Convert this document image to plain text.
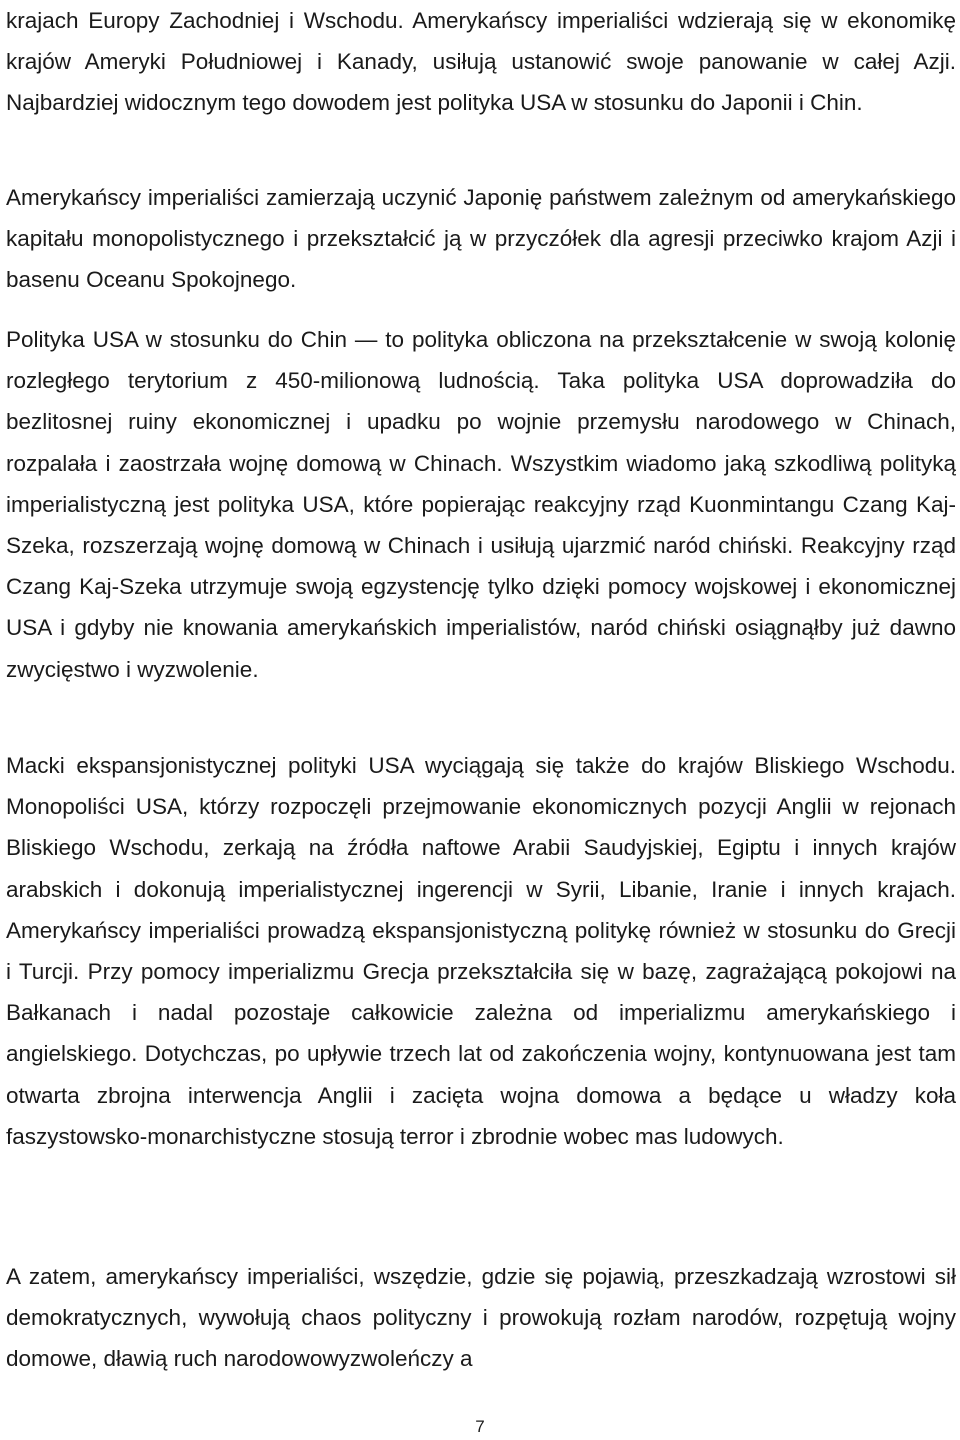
krajach Europy Zachodniej i Wschodu. Amerykańscy imperialiści wdzierają się w ekonomikę krajów Ameryki Południowej i Kanady, usiłują ustanowić swoje panowanie w całej Azji. Najbardziej widocznym tego dowodem jest polityka USA w stosunku do Japonii i Chin.

Amerykańscy imperialiści zamierzają uczynić Japonię państwem zależnym od amerykańskiego kapitału monopolistycznego i przekształcić ją w przyczółek dla agresji przeciwko krajom Azji i basenu Oceanu Spokojnego.

Polityka USA w stosunku do Chin — to polityka obliczona na przekształcenie w swoją kolonię rozległego terytorium z 450-milionową ludnością. Taka polityka USA doprowadziła do bezlitosnej ruiny ekonomicznej i upadku po wojnie przemysłu narodowego w Chinach, rozpalała i zaostrzała wojnę domową w Chinach. Wszystkim wiadomo jaką szkodliwą polityką imperialistyczną jest polityka USA, które popierając reakcyjny rząd Kuonmintangu Czang Kaj-Szeka, rozszerzają wojnę domową w Chinach i usiłują ujarzmić naród chiński. Reakcyjny rząd Czang Kaj-Szeka utrzymuje swoją egzystencję tylko dzięki pomocy wojskowej i ekonomicznej USA i gdyby nie knowania amerykańskich imperialistów, naród chiński osiągnąłby już dawno zwycięstwo i wyzwolenie.

Macki ekspansjonistycznej polityki USA wyciągają się także do krajów Bliskiego Wschodu. Monopoliści USA, którzy rozpoczęli przejmowanie ekonomicznych pozycji Anglii w rejonach Bliskiego Wschodu, zerkają na źródła naftowe Arabii Saudyjskiej, Egiptu i innych krajów arabskich i dokonują imperialistycznej ingerencji w Syrii, Libanie, Iranie i innych krajach. Amerykańscy imperialiści prowadzą ekspansjonistyczną politykę również w stosunku do Grecji i Turcji. Przy pomocy imperializmu Grecja przekształciła się w bazę, zagrażającą pokojowi na Bałkanach i nadal pozostaje całkowicie zależna od imperializmu amerykańskiego i angielskiego. Dotychczas, po upływie trzech lat od zakończenia wojny, kontynuowana jest tam otwarta zbrojna interwencja Anglii i zacięta wojna domowa a będące u władzy koła faszystowsko-monarchistyczne stosują terror i zbrodnie wobec mas ludowych.

A zatem, amerykańscy imperialiści, wszędzie, gdzie się pojawią, przeszkadzają wzrostowi sił demokratycznych, wywołują chaos polityczny i prowokują rozłam narodów, rozpętują wojny domowe, dławią ruch narodowowyzwoleńczy a

7
